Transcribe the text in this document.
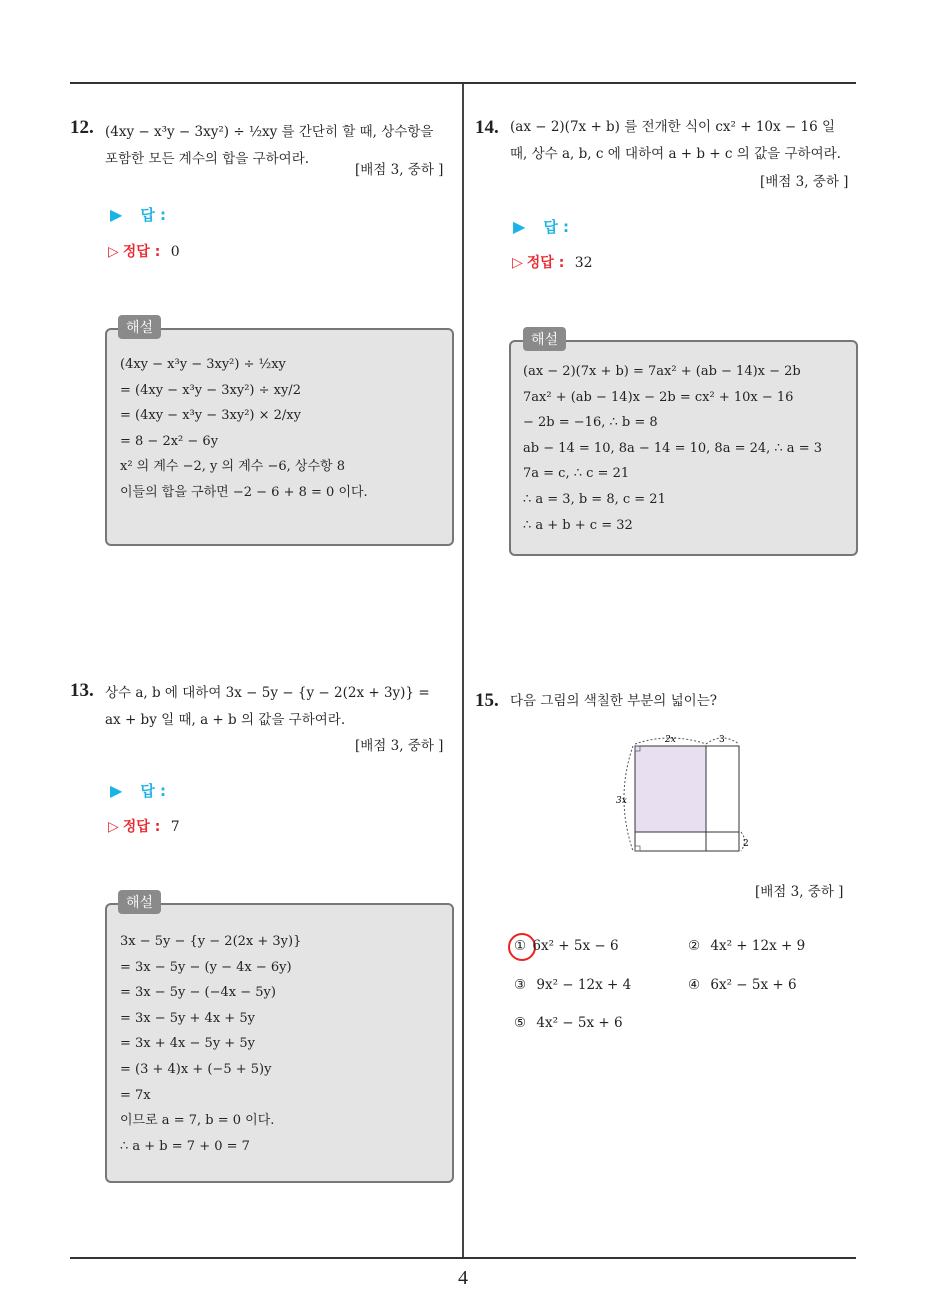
12. (4xy − x³y − 3xy²) ÷ ½xy 를 간단히 할 때, 상수항을
포함한 모든 계수의 합을 구하여라.
[배점 3, 중하 ]
▶ 답 :
▷ 정답 : 0
(4xy − x³y − 3xy²) ÷ ½xy
= (4xy − x³y − 3xy²) ÷ xy/2
= (4xy − x³y − 3xy²) × 2/xy
= 8 − 2x² − 6y
x² 의 계수 −2, y 의 계수 −6, 상수항 8
이들의 합을 구하면 −2 − 6 + 8 = 0 이다.
해설
13. 상수 a, b 에 대하여 3x − 5y − {y − 2(2x + 3y)} =
ax + by 일 때, a + b 의 값을 구하여라.
[배점 3, 중하 ]
▶ 답 :
▷ 정답 : 7
3x − 5y − {y − 2(2x + 3y)}
= 3x − 5y − (y − 4x − 6y)
= 3x − 5y − (−4x − 5y)
= 3x − 5y + 4x + 5y
= 3x + 4x − 5y + 5y
= (3 + 4)x + (−5 + 5)y
= 7x
이므로 a = 7, b = 0 이다.
∴ a + b = 7 + 0 = 7
해설
14. (ax − 2)(7x + b) 를 전개한 식이 cx² + 10x − 16 일
때, 상수 a, b, c 에 대하여 a + b + c 의 값을 구하여라.
[배점 3, 중하 ]
▶ 답 :
▷ 정답 : 32
(ax − 2)(7x + b) = 7ax² + (ab − 14)x − 2b
7ax² + (ab − 14)x − 2b = cx² + 10x − 16
− 2b = −16, ∴ b = 8
ab − 14 = 10, 8a − 14 = 10, 8a = 24, ∴ a = 3
7a = c, ∴ c = 21
∴ a = 3, b = 8, c = 21
∴ a + b + c = 32
해설
15. 다음 그림의 색칠한 부분의 넓이는?
2x	3
3x
2
[배점 3, 중하 ]
① 6x² + 5x − 6	② 4x² + 12x + 9
③ 9x² − 12x + 4	④ 6x² − 5x + 6
⑤ 4x² − 5x + 6
4
